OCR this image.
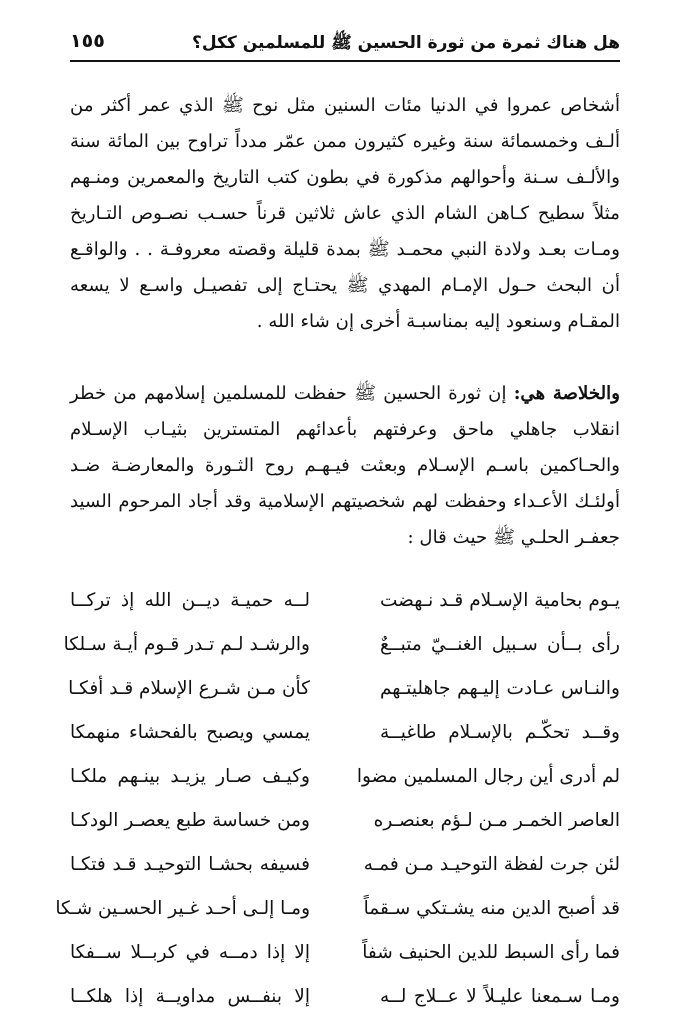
هل هناك ثمرة من ثورة الحسين ﷺ للمسلمين ككل؟
١٥٥

أشخاص عمروا في الدنيا مئات السنين مثل نوح ﷺ الذي عمر أكثر من ألـف وخمسمائة سنة وغيره كثيرون ممن عمّر مدداً تراوح بين المائة سنة والألـف سـنة وأحوالهم مذكورة في بطون كتب التاريخ والمعمرين ومنـهم مثلاً سطيح كـاهن الشام الذي عاش ثلاثين قرناً حسـب نصـوص التـاريخ ومـات بعـد ولادة النبي محمـد ﷺ بمدة قليلة وقصته معروفـة . . والواقـع أن البحث حـول الإمـام المهدي ﷺ يحتـاج إلى تفصيـل واسـع لا يسعه المقـام وسنعود إليه بمناسبـة أخرى إن شاء الله .

والخلاصة هي: إن ثورة الحسين ﷺ حفظت للمسلمين إسلامهم من خطر انقلاب جاهلي ماحق وعرفتهم بأعدائهم المتسترين بثيـاب الإسـلام والحـاكمين باسـم الإسـلام وبعثت فيـهـم روح الثـورة والمعارضـة ضـد أولئـك الأعـداء وحفظت لهم شخصيتهم الإسلامية وقد أجاد المرحوم السيد جعفـر الحلـي ﷺ حيث قال :

يـوم بحامية الإسـلام قـد نـهضت
لــه حميـة ديــن الله إذ تركــا
رأى بــأن سـبيل الغنــيّ متبــعٌ
والرشـد لـم تـدر قـوم أيـة سـلكا
والنـاس عـادت إليـهم جاهليتـهم
كأن مـن شـرع الإسلام قـد أفكـا
وقــد تحكّـم بالإسـلام طاغيــة
يمسي ويصبح بالفحشاء منهمكا
لم أدرى أين رجال المسلمين مضوا
وكيـف صـار يزيـد بينـهم ملكـا
العاصر الخمـر مـن لـؤم بعنصـره
ومن خساسة طبع يعصـر الودكـا
لئن جرت لفظة التوحيـد مـن فمـه
فسيفه بحشـا التوحيـد قـد فتكـا
قد أصبح الدين منه يشـتكي سـقماً
ومـا إلـى أحـد غـير الحسـين شـكا
فما رأى السبط للدين الحنيف شفاً
إلا إذا دمــه في كربــلا ســفكا
ومـا سـمعنا عليـلاً لا عــلاج لــه
إلا بنفــس مداويــة إذا هلكــا
